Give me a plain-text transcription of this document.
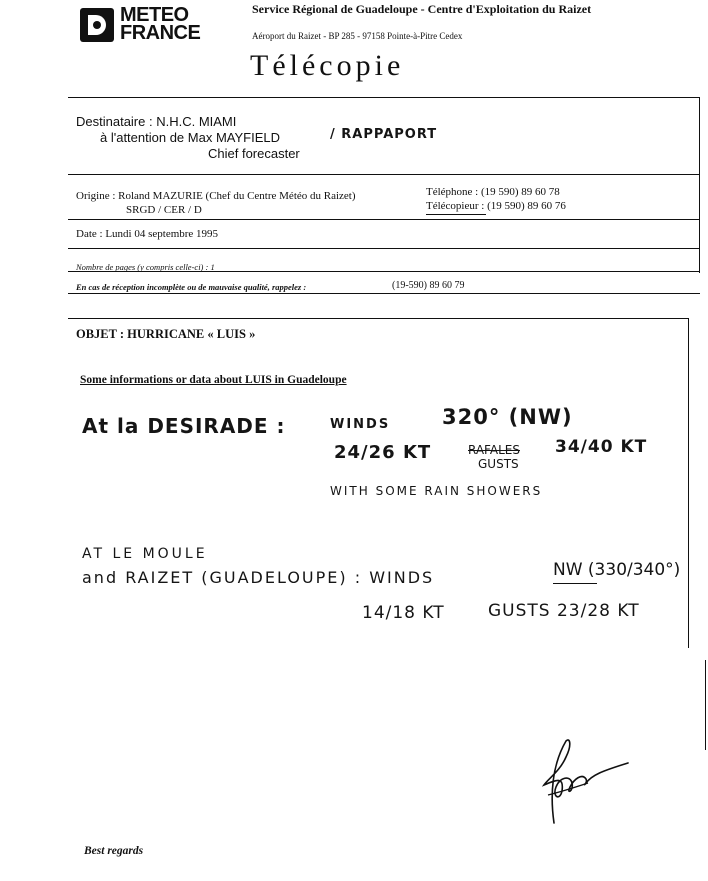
METEO
FRANCE
Service Régional de Guadeloupe - Centre d'Exploitation du Raizet
Aéroport du Raizet - BP 285 - 97158 Pointe-à-Pitre Cedex
Télécopie
Destinataire : N.H.C. MIAMI
à l'attention de Max MAYFIELD	/ RAPPAPORT
Chief forecaster
Origine : Roland MAZURIE (Chef du Centre Météo du Raizet)
SRGD / CER / D
Téléphone : (19 590) 89 60 78
Télécopieur : (19 590) 89 60 76
Date : Lundi 04 septembre 1995
Nombre de pages (y compris celle-ci) : 1
En cas de réception incomplète ou de mauvaise qualité, rappelez :	(19-590) 89 60 79
OBJET : HURRICANE « LUIS »
Some informations or data about LUIS in Guadeloupe
At la DESIRADE :	WINDS 320° (NW)
24/26 KT	RAFALES
GUSTS
34/40 KT
WITH SOME RAIN SHOWERS
AT LE MOULE
and RAIZET (GUADELOUPE) : WINDS	NW (330/340°)
14/18 KT	GUSTS 23/28 KT
Best regards
